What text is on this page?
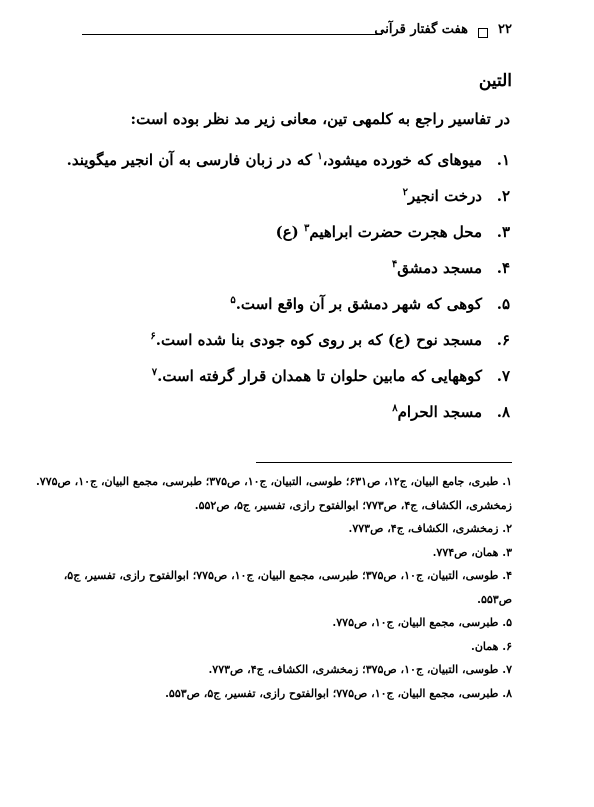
۲۲
هفت گفتار قرآنی
التین

در تفاسیر راجع به کلمهی تین، معانی زیر مد نظر بوده است:

۱.میوهای که خورده میشود،$^۱$ که در زبان فارسی به آن انجیر میگویند.
۲.درخت انجیر$^۲$
۳.محل هجرت حضرت ابراهیم$^۳$ (ع)
۴.مسجد دمشق$^۴$
۵.کوهی که شهر دمشق بر آن واقع است.$^۵$
۶.مسجد نوح (ع) که بر روی کوه جودی بنا شده است.$^۶$
۷.کوههایی که مابین حلوان تا همدان قرار گرفته است.$^۷$
۸.مسجد الحرام$^۸$
۱. طبری، جامع البیان، ج۱۲، ص۶۳۱؛ طوسی، التبیان، ج۱۰، ص۳۷۵؛ طبرسی، مجمع البیان، ج۱۰، ص۷۷۵.
زمخشری، الکشاف، ج۴، ص۷۷۳؛ ابوالفتوح رازی، تفسیر، ج۵، ص۵۵۲.
۲. زمخشری، الکشاف، ج۴، ص۷۷۳.
۳. همان، ص۷۷۴.
۴. طوسی، التبیان، ج۱۰، ص۳۷۵؛ طبرسی، مجمع البیان، ج۱۰، ص۷۷۵؛ ابوالفتوح رازی، تفسیر، ج۵،
ص۵۵۳.
۵. طبرسی، مجمع البیان، ج۱۰، ص۷۷۵.
۶. همان.
۷. طوسی، التبیان، ج۱۰، ص۳۷۵؛ زمخشری، الکشاف، ج۴، ص۷۷۳.
۸. طبرسی، مجمع البیان، ج۱۰، ص۷۷۵؛ ابوالفتوح رازی، تفسیر، ج۵، ص۵۵۳.
